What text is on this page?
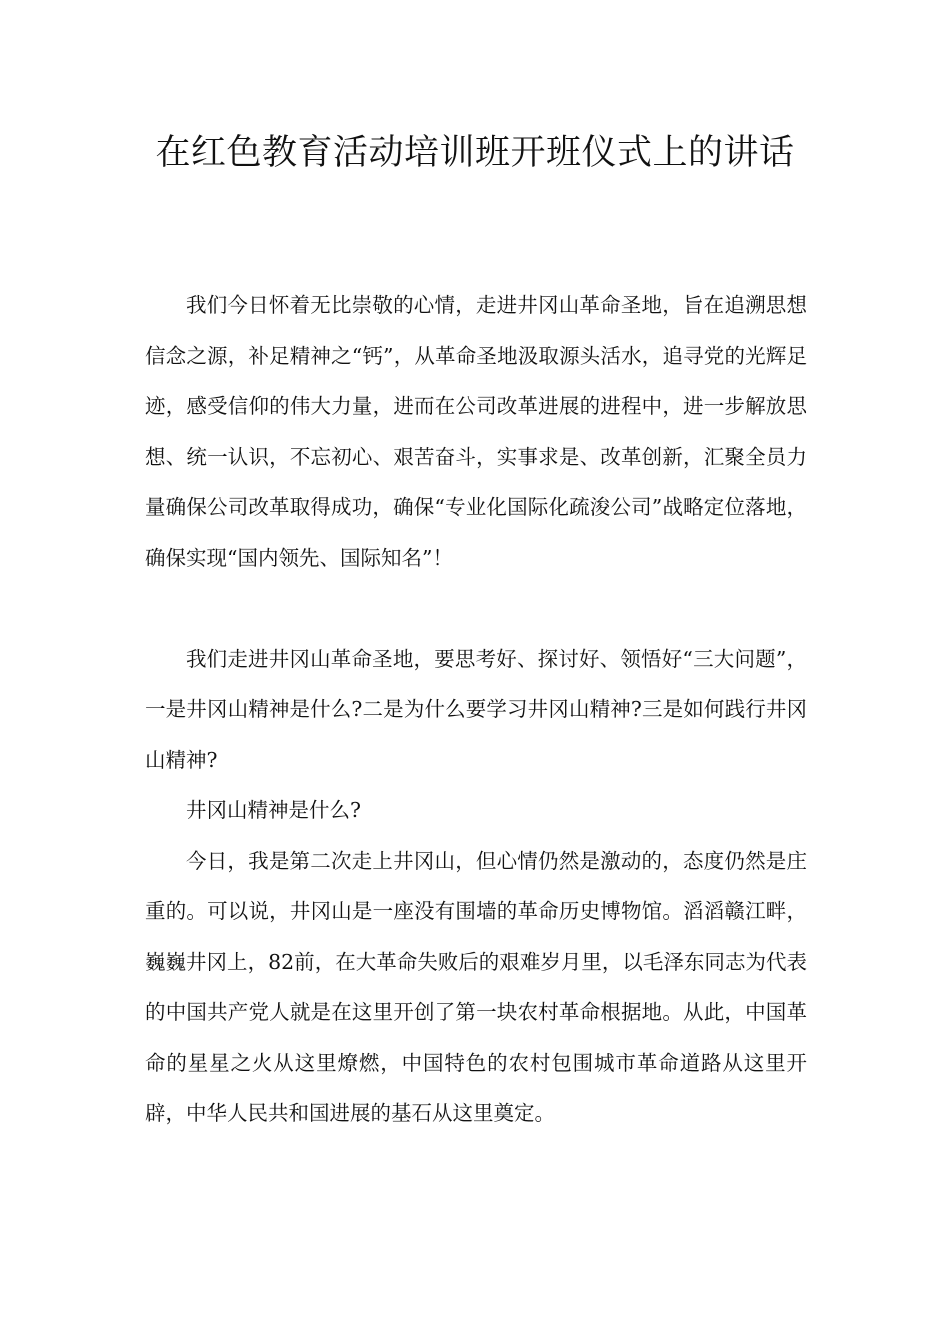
在红色教育活动培训班开班仪式上的讲话

我们今日怀着无比崇敬的心情，走进井冈山革命圣地，旨在追溯思想信念之源，补足精神之“钙”，从革命圣地汲取源头活水，追寻党的光辉足迹，感受信仰的伟大力量，进而在公司改革进展的进程中，进一步解放思想、统一认识，不忘初心、艰苦奋斗，实事求是、改革创新，汇聚全员力量确保公司改革取得成功，确保“专业化国际化疏浚公司”战略定位落地，确保实现“国内领先、国际知名”！

我们走进井冈山革命圣地，要思考好、探讨好、领悟好“三大问题”，一是井冈山精神是什么?二是为什么要学习井冈山精神?三是如何践行井冈山精神?

井冈山精神是什么?

今日，我是第二次走上井冈山，但心情仍然是激动的，态度仍然是庄重的。可以说，井冈山是一座没有围墙的革命历史博物馆。滔滔赣江畔，巍巍井冈上，82前，在大革命失败后的艰难岁月里，以毛泽东同志为代表的中国共产党人就是在这里开创了第一块农村革命根据地。从此，中国革命的星星之火从这里燎燃，中国特色的农村包围城市革命道路从这里开辟，中华人民共和国进展的基石从这里奠定。
